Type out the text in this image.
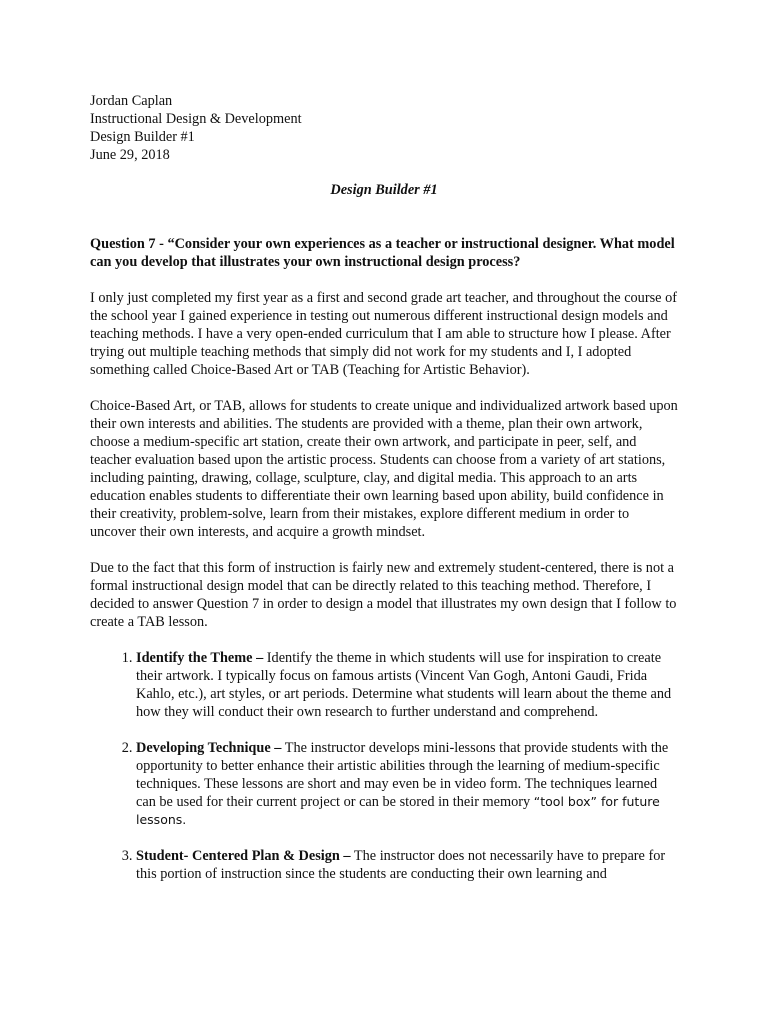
Jordan Caplan
Instructional Design & Development
Design Builder #1
June 29, 2018
Design Builder #1

Question 7 - “Consider your own experiences as a teacher or instructional designer. What model can you develop that illustrates your own instructional design process?

I only just completed my first year as a first and second grade art teacher, and throughout the course of the school year I gained experience in testing out numerous different instructional design models and teaching methods. I have a very open-ended curriculum that I am able to structure how I please. After trying out multiple teaching methods that simply did not work for my students and I, I adopted something called Choice-Based Art or TAB (Teaching for Artistic Behavior).

Choice-Based Art, or TAB, allows for students to create unique and individualized artwork based upon their own interests and abilities. The students are provided with a theme, plan their own artwork, choose a medium-specific art station, create their own artwork, and participate in peer, self, and teacher evaluation based upon the artistic process. Students can choose from a variety of art stations, including painting, drawing, collage, sculpture, clay, and digital media. This approach to an arts education enables students to differentiate their own learning based upon ability, build confidence in their creativity, problem-solve, learn from their mistakes, explore different medium in order to uncover their own interests, and acquire a growth mindset.

Due to the fact that this form of instruction is fairly new and extremely student-centered, there is not a formal instructional design model that can be directly related to this teaching method. Therefore, I decided to answer Question 7 in order to design a model that illustrates my own design that I follow to create a TAB lesson.

1. Identify the Theme – Identify the theme in which students will use for inspiration to create their artwork. I typically focus on famous artists (Vincent Van Gogh, Antoni Gaudi, Frida Kahlo, etc.), art styles, or art periods. Determine what students will learn about the theme and how they will conduct their own research to further understand and comprehend.
2. Developing Technique – The instructor develops mini-lessons that provide students with the opportunity to better enhance their artistic abilities through the learning of medium-specific techniques. These lessons are short and may even be in video form. The techniques learned can be used for their current project or can be stored in their memory “tool box” for future lessons.
3. Student- Centered Plan & Design – The instructor does not necessarily have to prepare for this portion of instruction since the students are conducting their own learning and
